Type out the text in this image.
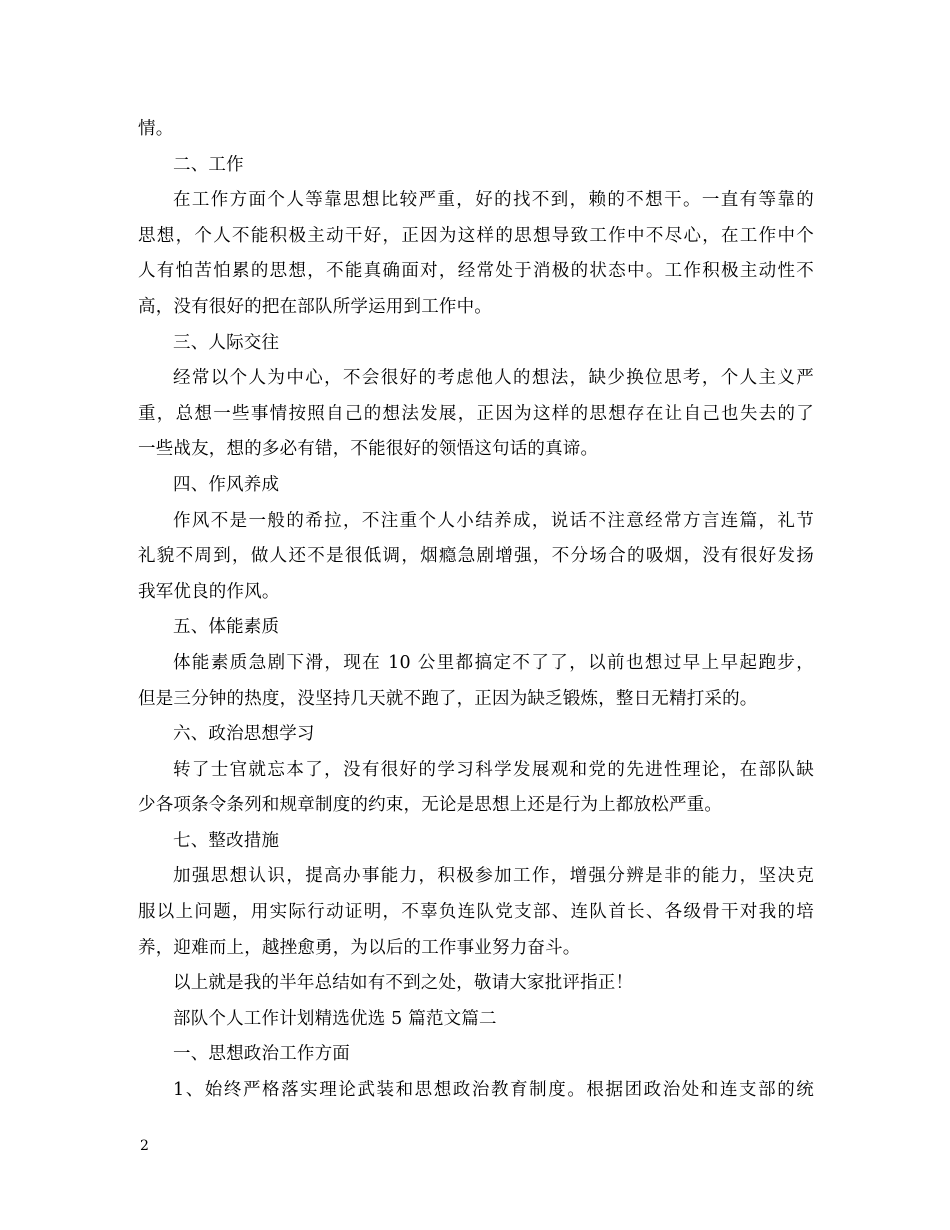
情。
二、工作
在工作方面个人等靠思想比较严重，好的找不到，赖的不想干。一直有等靠的
思想，个人不能积极主动干好，正因为这样的思想导致工作中不尽心，在工作中个
人有怕苦怕累的思想，不能真确面对，经常处于消极的状态中。工作积极主动性不
高，没有很好的把在部队所学运用到工作中。
三、人际交往
经常以个人为中心，不会很好的考虑他人的想法，缺少换位思考，个人主义严
重，总想一些事情按照自己的想法发展，正因为这样的思想存在让自己也失去的了
一些战友，想的多必有错，不能很好的领悟这句话的真谛。
四、作风养成
作风不是一般的希拉，不注重个人小结养成，说话不注意经常方言连篇，礼节
礼貌不周到，做人还不是很低调，烟瘾急剧增强，不分场合的吸烟，没有很好发扬
我军优良的作风。
五、体能素质
体能素质急剧下滑，现在 10 公里都搞定不了了，以前也想过早上早起跑步，
但是三分钟的热度，没坚持几天就不跑了，正因为缺乏锻炼，整日无精打采的。
六、政治思想学习
转了士官就忘本了，没有很好的学习科学发展观和党的先进性理论，在部队缺
少各项条令条列和规章制度的约束，无论是思想上还是行为上都放松严重。
七、整改措施
加强思想认识，提高办事能力，积极参加工作，增强分辨是非的能力，坚决克
服以上问题，用实际行动证明，不辜负连队党支部、连队首长、各级骨干对我的培
养，迎难而上，越挫愈勇，为以后的工作事业努力奋斗。
以上就是我的半年总结如有不到之处，敬请大家批评指正！
部队个人工作计划精选优选 5 篇范文篇二
一、思想政治工作方面
1、始终严格落实理论武装和思想政治教育制度。根据团政治处和连支部的统
2
